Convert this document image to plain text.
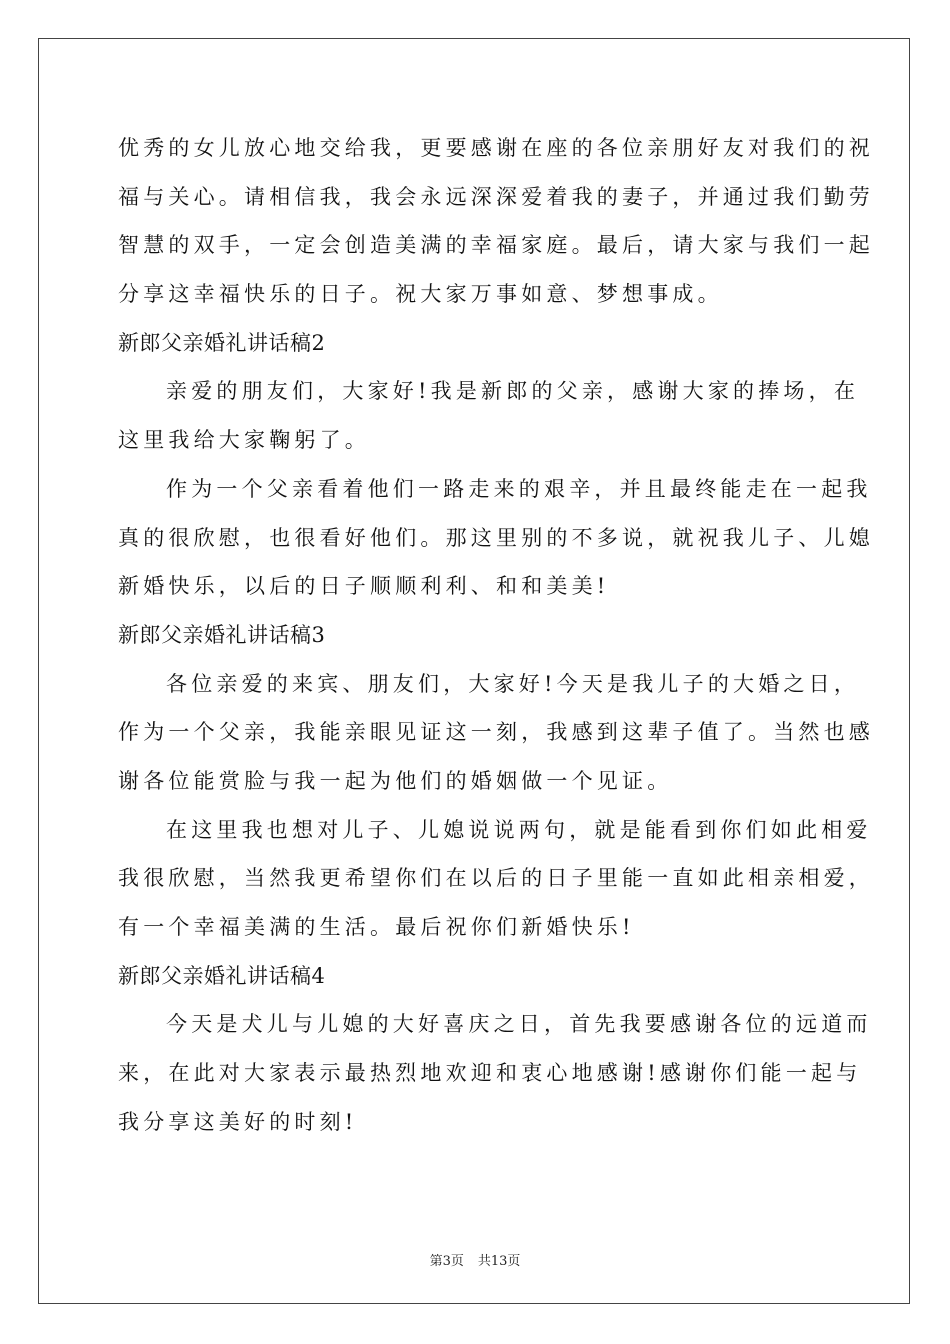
优秀的女儿放心地交给我，更要感谢在座的各位亲朋好友对我们的祝

福与关心。请相信我，我会永远深深爱着我的妻子，并通过我们勤劳

智慧的双手，一定会创造美满的幸福家庭。最后，请大家与我们一起

分享这幸福快乐的日子。祝大家万事如意、梦想事成。

新郎父亲婚礼讲话稿2

亲爱的朋友们，大家好!我是新郎的父亲，感谢大家的捧场，在

这里我给大家鞠躬了。

作为一个父亲看着他们一路走来的艰辛，并且最终能走在一起我

真的很欣慰，也很看好他们。那这里别的不多说，就祝我儿子、儿媳

新婚快乐，以后的日子顺顺利利、和和美美!

新郎父亲婚礼讲话稿3

各位亲爱的来宾、朋友们，大家好!今天是我儿子的大婚之日，

作为一个父亲，我能亲眼见证这一刻，我感到这辈子值了。当然也感

谢各位能赏脸与我一起为他们的婚姻做一个见证。

在这里我也想对儿子、儿媳说说两句，就是能看到你们如此相爱

我很欣慰，当然我更希望你们在以后的日子里能一直如此相亲相爱，

有一个幸福美满的生活。最后祝你们新婚快乐!

新郎父亲婚礼讲话稿4

今天是犬儿与儿媳的大好喜庆之日，首先我要感谢各位的远道而

来，在此对大家表示最热烈地欢迎和衷心地感谢!感谢你们能一起与

我分享这美好的时刻!

第3页 共13页
